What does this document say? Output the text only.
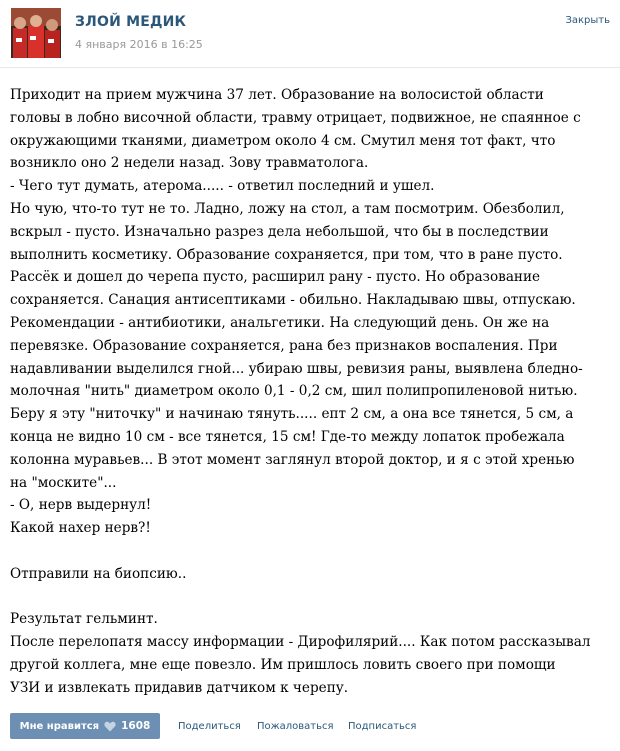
ЗЛОЙ МЕДИК
4 января 2016 в 16:25
Закрыть

Приходит на прием мужчина 37 лет. Образование на волосистой области

головы в лобно височной области, травму отрицает, подвижное, не спаянное с

окружающими тканями, диаметром около 4 см. Смутил меня тот факт, что

возникло оно 2 недели назад. Зову травматолога.

- Чего тут думать, атерома..... - ответил последний и ушел.

Но чую, что-то тут не то. Ладно, ложу на стол, а там посмотрим. Обезболил,

вскрыл - пусто. Изначально разрез дела небольшой, что бы в последствии

выполнить косметику. Образование сохраняется, при том, что в ране пусто.

Рассёк и дошел до черепа пусто, расширил рану - пусто. Но образование

сохраняется. Санация антисептиками - обильно. Накладываю швы, отпускаю.

Рекомендации - антибиотики, анальгетики. На следующий день. Он же на

перевязке. Образование сохраняется, рана без признаков воспаления. При

надавливании выделился гной... убираю швы, ревизия раны, выявлена бледно-

молочная "нить" диаметром около 0,1 - 0,2 см, шил полипропиленовой нитью.

Беру я эту "ниточку" и начинаю тянуть..... епт 2 см, а она все тянется, 5 см, а

конца не видно 10 см - все тянется, 15 см! Где-то между лопаток пробежала

колонна муравьев... В этот момент заглянул второй доктор, и я с этой хренью

на "моските"...

- О, нерв выдернул!

Какой нахер нерв?!

Отправили на биопсию..

Результат гельминт.

После перелопатя массу информации - Дирофилярий.... Как потом рассказывал

другой коллега, мне еще повезло. Им пришлось ловить своего при помощи

УЗИ и извлекать придавив датчиком к черепу.

Мне нравится 1608	Поделиться Пожаловаться Подписаться
